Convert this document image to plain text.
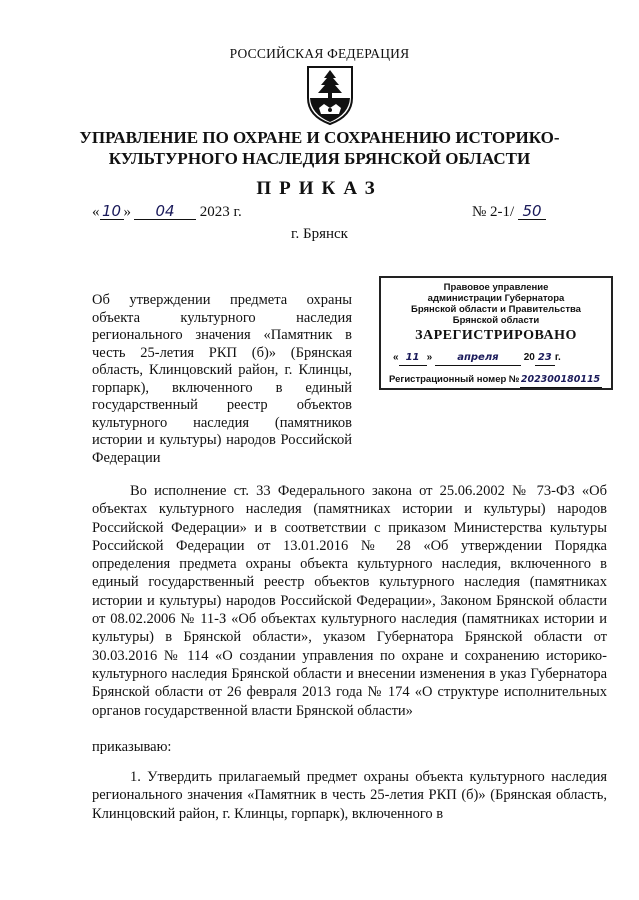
РОССИЙСКАЯ ФЕДЕРАЦИЯ
УПРАВЛЕНИЕ ПО ОХРАНЕ И СОХРАНЕНИЮ ИСТОРИКО-
КУЛЬТУРНОГО НАСЛЕДИЯ БРЯНСКОЙ ОБЛАСТИ
ПРИКАЗ
« 10 » 04 2023 г.	№ 2-1/ 50
г. Брянск
Правовое управление
администрации Губернатора
Брянской области и Правительства
Брянской области
ЗАРЕГИСТРИРОВАНО
« 11 » апреля	20 23 г.
Регистрационный номер №202300180115
Об утверждении предмета охраны объекта культурного наследия регионального значения «Памятник в честь 25-летия РКП (б)» (Брянская область, Клинцовский район, г. Клинцы, горпарк), включенного в единый государственный реестр объектов культурного наследия (памятников истории и культуры) народов Российской Федерации

Во исполнение ст. 33 Федерального закона от 25.06.2002 № 73-ФЗ «Об объектах культурного наследия (памятниках истории и культуры) народов Российской Федерации» и в соответствии с приказом Министерства культуры Российской Федерации от 13.01.2016 № 28 «Об утверждении Порядка определения предмета охраны объекта культурного наследия, включенного в единый государственный реестр объектов культурного наследия (памятниках истории и культуры) народов Российской Федерации», Законом Брянской области от 08.02.2006 № 11-З «Об объектах культурного наследия (памятниках истории и культуры) в Брянской области», указом Губернатора Брянской области от 30.03.2016 № 114 «О создании управления по охране и сохранению историко-культурного наследия Брянской области и внесении изменения в указ Губернатора Брянской области от 26 февраля 2013 года № 174 «О структуре исполнительных органов государственной власти Брянской области»

приказываю:

1. Утвердить прилагаемый предмет охраны объекта культурного наследия регионального значения «Памятник в честь 25-летия РКП (б)» (Брянская область, Клинцовский район, г. Клинцы, горпарк), включенного в
